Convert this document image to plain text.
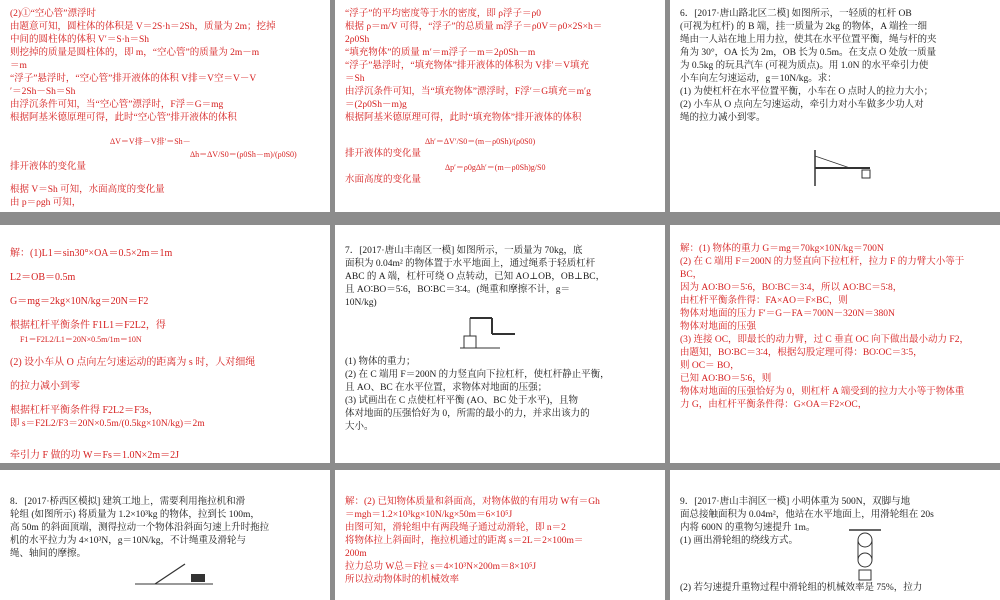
(2)①“空心管”漂浮时
由题意可知，圆柱体的体积是 V＝2S·h＝2Sh，质量为 2m；挖掉
中间的圆柱体的体积 V′＝S·h＝Sh
则挖掉的质量是圆柱体的，即 m，“空心管”的质量为 2m－m
＝m
“浮子”悬浮时，“空心管”排开液体的体积 V排＝V空＝V－V
′＝2Sh－Sh＝Sh
由浮沉条件可知，当“空心管”漂浮时，F浮＝G＝mg
根据阿基米德原理可得，此时“空心管”排开液体的体积
ΔV＝V排－V排′＝Sh－
Δh＝ΔV/S0＝(ρ0Sh－m)/(ρ0S0)
排开液体的变化量
根据 V＝Sh 可知，水面高度的变化量
由 p＝ρgh 可知，
“浮子”的平均密度等于水的密度，即 ρ浮子＝ρ0
根据 ρ＝m/V 可得，“浮子”的总质量 m浮子＝ρ0V＝ρ0×2S×h＝
2ρ0Sh
“填充物体”的质量 m′＝m浮子－m＝2ρ0Sh－m
“浮子”悬浮时，“填充物体”排开液体的体积为 V排′＝V填充
＝Sh
由浮沉条件可知，当“填充物体”漂浮时，F浮′＝G填充＝m′g
＝(2ρ0Sh－m)g
根据阿基米德原理可得，此时“填充物体”排开液体的体积
Δh′＝ΔV′/S0＝(m－ρ0Sh)/(ρ0S0)
排开液体的变化量
Δp′＝ρ0gΔh′＝(m－ρ0Sh)g/S0
水面高度的变化量
6．[2017·唐山路北区二模] 如图所示，一轻质的杠杆 OB
(可视为杠杆) 的 B 端，挂一质量为 2kg 的物体，A 端拴一细
绳由一人站在地上用力拉，使其在水平位置平衡，绳与杆的夹
角为 30°，OA 长为 2m，OB 长为 0.5m。在支点 O 处放一质量
为 0.5kg 的玩具汽车 (可视为质点)。用 1.0N 的水平牵引力使
小车向左匀速运动，g＝10N/kg。求：
(1) 为使杠杆在水平位置平衡，小车在 O 点时人的拉力大小；
(2) 小车从 O 点向左匀速运动，牵引力对小车做多少功人对
绳的拉力减小到零。
解：(1)L1＝sin30°×OA＝0.5×2m＝1m
L2＝OB＝0.5m
G＝mg＝2kg×10N/kg＝20N＝F2
根据杠杆平衡条件 F1L1＝F2L2，得
F1＝F2L2/L1＝20N×0.5m/1m＝10N
(2) 设小车从 O 点向左匀速运动的距离为 s 时，人对细绳
的拉力减小到零
根据杠杆平衡条件得 F2L2＝F3s，
即 s＝F2L2/F3＝20N×0.5m/(0.5kg×10N/kg)＝2m
牵引力 F 做的功 W＝Fs＝1.0N×2m＝2J
7．[2017·唐山丰南区一模] 如图所示，一质量为 70kg，底
面积为 0.04m² 的物体置于水平地面上，通过绳系于轻质杠杆
ABC 的 A 端，杠杆可绕 O 点转动，已知 AO⊥OB，OB⊥BC，
且 AO∶BO＝5∶6，BO∶BC＝3∶4。(绳重和摩擦不计，g＝
10N/kg)
(1) 物体的重力；
(2) 在 C 端用 F＝200N 的力竖直向下拉杠杆，使杠杆静止平衡，
且 AO、BC 在水平位置，求物体对地面的压强；
(3) 试画出在 C 点使杠杆平衡 (AO、BC 处于水平)，且物
体对地面的压强恰好为 0，所需的最小的力，并求出该力的
大小。
解：(1) 物体的重力 G＝mg＝70kg×10N/kg＝700N
(2) 在 C 端用 F＝200N 的力竖直向下拉杠杆，拉力 F 的力臂大小等于
BC，
因为 AO∶BO＝5∶6，BO∶BC＝3∶4，所以 AO∶BC＝5∶8，
由杠杆平衡条件得：FA×AO＝F×BC，则
物体对地面的压力 F′＝G－FA＝700N－320N＝380N
物体对地面的压强
(3) 连接 OC，即最长的动力臂，过 C 垂直 OC 向下做出最小动力 F2，
由题知，BO∶BC＝3∶4，根据勾股定理可得：BO∶OC＝3∶5，
则 OC＝ BO，
已知 AO∶BO＝5∶6，则
物体对地面的压强恰好为 0，则杠杆 A 端受到的拉力大小等于物体重
力 G，由杠杆平衡条件得：G×OA＝F2×OC，
8．[2017·桥西区模拟] 建筑工地上，需要利用拖拉机和滑
轮组 (如图所示) 将质量为 1.2×10³kg 的物体，拉到长 100m，
高 50m 的斜面顶端，测得拉动一个物体沿斜面匀速上升时拖拉
机的水平拉力为 4×10³N，g＝10N/kg，不计绳重及滑轮与
绳、轴间的摩擦。
解：(2) 已知物体质量和斜面高，对物体做的有用功 W有＝Gh
＝mgh＝1.2×10³kg×10N/kg×50m＝6×10⁵J
由图可知，滑轮组中有两段绳子通过动滑轮，即 n＝2
将物体拉上斜面时，拖拉机通过的距离 s＝2L＝2×100m＝
200m
拉力总功 W总＝F拉 s＝4×10³N×200m＝8×10⁵J
所以拉动物体时的机械效率
9．[2017·唐山丰润区一模] 小明体重为 500N，双脚与地
面总接触面积为 0.04m²，他站在水平地面上，用滑轮组在 20s
内将 600N 的重物匀速提升 1m。
(1) 画出滑轮组的绕线方式。
(2) 若匀速提升重物过程中滑轮组的机械效率是 75%，拉力
